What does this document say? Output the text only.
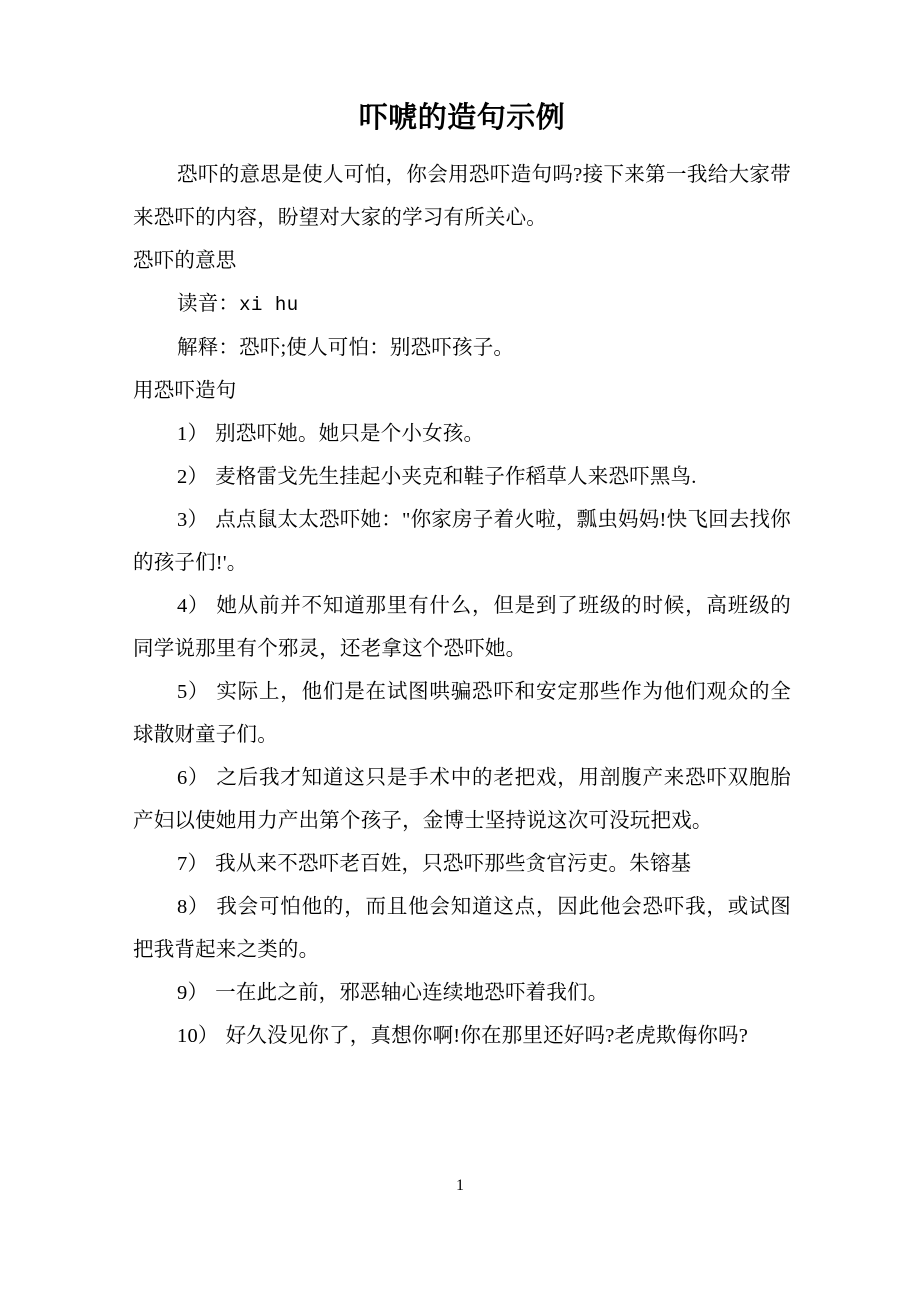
吓唬的造句示例

恐吓的意思是使人可怕，你会用恐吓造句吗?接下来第一我给大家带来恐吓的内容，盼望对大家的学习有所关心。

恐吓的意思

读音：xi hu

解释：恐吓;使人可怕：别恐吓孩子。

用恐吓造句

1） 别恐吓她。她只是个小女孩。
2） 麦格雷戈先生挂起小夹克和鞋子作稻草人来恐吓黑鸟.
3） 点点鼠太太恐吓她："你家房子着火啦，瓢虫妈妈!快飞回去找你的孩子们!'。
4） 她从前并不知道那里有什么，但是到了班级的时候，高班级的同学说那里有个邪灵，还老拿这个恐吓她。
5） 实际上，他们是在试图哄骗恐吓和安定那些作为他们观众的全球散财童子们。
6） 之后我才知道这只是手术中的老把戏，用剖腹产来恐吓双胞胎产妇以使她用力产出第个孩子，金博士坚持说这次可没玩把戏。
7） 我从来不恐吓老百姓，只恐吓那些贪官污吏。朱镕基
8） 我会可怕他的，而且他会知道这点，因此他会恐吓我，或试图把我背起来之类的。
9） 一在此之前，邪恶轴心连续地恐吓着我们。
10） 好久没见你了，真想你啊!你在那里还好吗?老虎欺侮你吗?
1
